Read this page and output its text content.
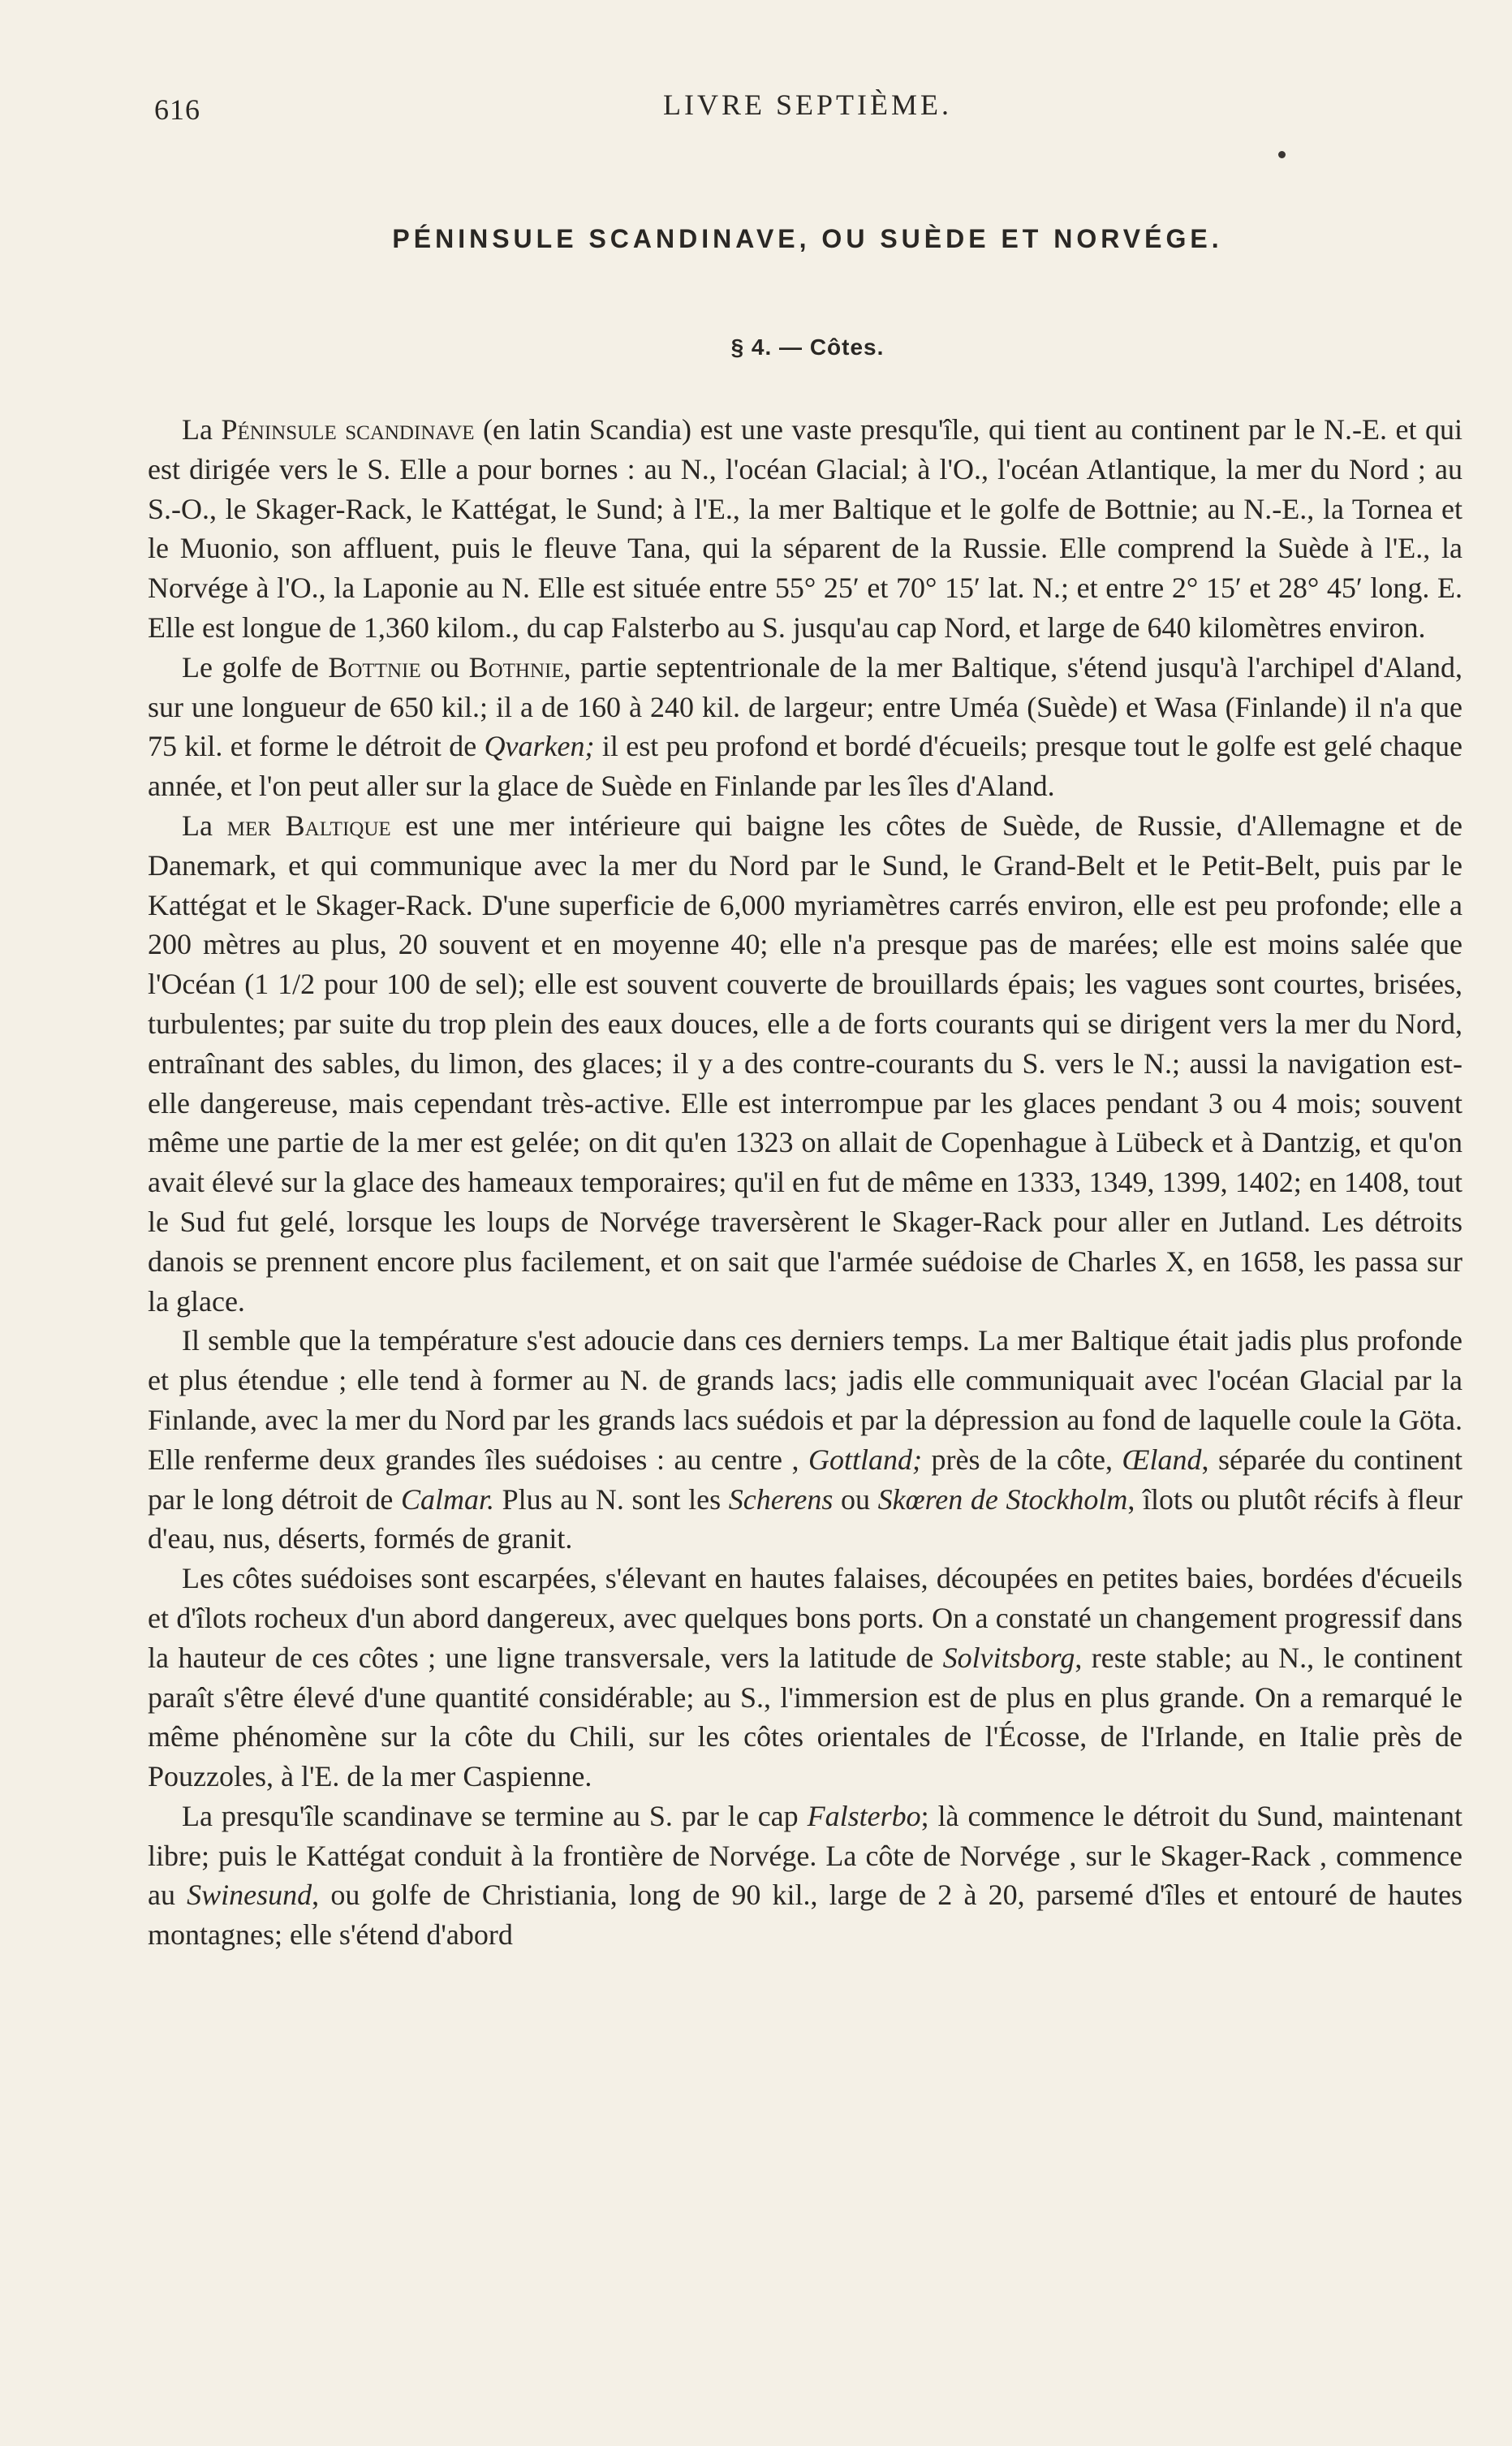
616	LIVRE SEPTIÈME.
PÉNINSULE SCANDINAVE, OU SUÈDE ET NORVÉGE.
§ 4. — Côtes.

La Péninsule scandinave (en latin Scandia) est une vaste presqu'île, qui tient au continent par le N.-E. et qui est dirigée vers le S. Elle a pour bornes : au N., l'océan Glacial; à l'O., l'océan Atlantique, la mer du Nord ; au S.-O., le Skager-Rack, le Kattégat, le Sund; à l'E., la mer Baltique et le golfe de Bottnie; au N.-E., la Tornea et le Muonio, son affluent, puis le fleuve Tana, qui la séparent de la Russie. Elle comprend la Suède à l'E., la Norvége à l'O., la Laponie au N. Elle est située entre 55° 25′ et 70° 15′ lat. N.; et entre 2° 15′ et 28° 45′ long. E. Elle est longue de 1,360 kilom., du cap Falsterbo au S. jusqu'au cap Nord, et large de 640 kilomètres environ.

Le golfe de Bottnie ou Bothnie, partie septentrionale de la mer Baltique, s'étend jusqu'à l'archipel d'Aland, sur une longueur de 650 kil.; il a de 160 à 240 kil. de largeur; entre Uméa (Suède) et Wasa (Finlande) il n'a que 75 kil. et forme le détroit de Qvarken; il est peu profond et bordé d'écueils; presque tout le golfe est gelé chaque année, et l'on peut aller sur la glace de Suède en Finlande par les îles d'Aland.

La mer Baltique est une mer intérieure qui baigne les côtes de Suède, de Russie, d'Allemagne et de Danemark, et qui communique avec la mer du Nord par le Sund, le Grand-Belt et le Petit-Belt, puis par le Kattégat et le Skager-Rack. D'une superficie de 6,000 myriamètres carrés environ, elle est peu profonde; elle a 200 mètres au plus, 20 souvent et en moyenne 40; elle n'a presque pas de marées; elle est moins salée que l'Océan (1 1/2 pour 100 de sel); elle est souvent couverte de brouillards épais; les vagues sont courtes, brisées, turbulentes; par suite du trop plein des eaux douces, elle a de forts courants qui se dirigent vers la mer du Nord, entraînant des sables, du limon, des glaces; il y a des contre-courants du S. vers le N.; aussi la navigation est-elle dangereuse, mais cependant très-active. Elle est interrompue par les glaces pendant 3 ou 4 mois; souvent même une partie de la mer est gelée; on dit qu'en 1323 on allait de Copenhague à Lübeck et à Dantzig, et qu'on avait élevé sur la glace des hameaux temporaires; qu'il en fut de même en 1333, 1349, 1399, 1402; en 1408, tout le Sud fut gelé, lorsque les loups de Norvége traversèrent le Skager-Rack pour aller en Jutland. Les détroits danois se prennent encore plus facilement, et on sait que l'armée suédoise de Charles X, en 1658, les passa sur la glace.

Il semble que la température s'est adoucie dans ces derniers temps. La mer Baltique était jadis plus profonde et plus étendue ; elle tend à former au N. de grands lacs; jadis elle communiquait avec l'océan Glacial par la Finlande, avec la mer du Nord par les grands lacs suédois et par la dépression au fond de laquelle coule la Göta. Elle renferme deux grandes îles suédoises : au centre , Gottland; près de la côte, Œland, séparée du continent par le long détroit de Calmar. Plus au N. sont les Scherens ou Skœren de Stockholm, îlots ou plutôt récifs à fleur d'eau, nus, déserts, formés de granit.

Les côtes suédoises sont escarpées, s'élevant en hautes falaises, découpées en petites baies, bordées d'écueils et d'îlots rocheux d'un abord dangereux, avec quelques bons ports. On a constaté un changement progressif dans la hauteur de ces côtes ; une ligne transversale, vers la latitude de Solvitsborg, reste stable; au N., le continent paraît s'être élevé d'une quantité considérable; au S., l'immersion est de plus en plus grande. On a remarqué le même phénomène sur la côte du Chili, sur les côtes orientales de l'Écosse, de l'Irlande, en Italie près de Pouzzoles, à l'E. de la mer Caspienne.

La presqu'île scandinave se termine au S. par le cap Falsterbo; là commence le détroit du Sund, maintenant libre; puis le Kattégat conduit à la frontière de Norvége. La côte de Norvége , sur le Skager-Rack , commence au Swinesund, ou golfe de Christiania, long de 90 kil., large de 2 à 20, parsemé d'îles et entouré de hautes montagnes; elle s'étend d'abord
